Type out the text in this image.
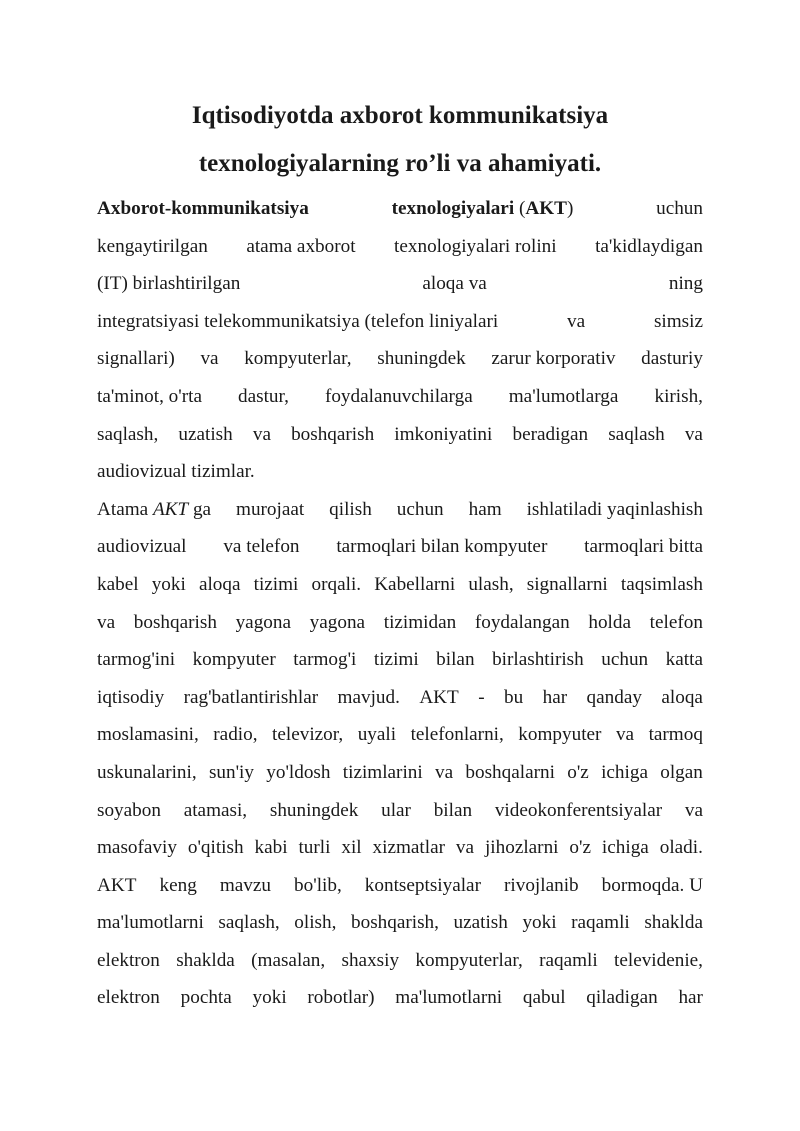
Iqtisodiyotda axborot kommunikatsiya
texnologiyalarning ro’li va ahamiyati.
Axborot-kommunikatsiya	texnologiyalari (AKT)	uchun
kengaytirilgan atama axborot texnologiyalari rolini ta'kidlaydigan
(IT) birlashtirilgan	aloqa va	ning
integratsiyasi telekommunikatsiya (telefon liniyalari	va	simsiz
signallari) va kompyuterlar, shuningdek zarur korporativ dasturiy
ta'minot, o'rta dastur, foydalanuvchilarga ma'lumotlarga kirish,
saqlash, uzatish va boshqarish imkoniyatini beradigan saqlash va
audiovizual tizimlar.
Atama AKT ga murojaat qilish uchun ham ishlatiladi yaqinlashish
audiovizual va telefon tarmoqlari bilan kompyuter tarmoqlari bitta
kabel yoki aloqa tizimi orqali. Kabellarni ulash, signallarni taqsimlash
va boshqarish yagona yagona tizimidan foydalangan holda telefon
tarmog'ini kompyuter tarmog'i tizimi bilan birlashtirish uchun katta
iqtisodiy rag'batlantirishlar mavjud. AKT - bu har qanday aloqa
moslamasini, radio, televizor, uyali telefonlarni, kompyuter va tarmoq
uskunalarini, sun'iy yo'ldosh tizimlarini va boshqalarni o'z ichiga olgan
soyabon atamasi, shuningdek ular bilan videokonferentsiyalar va
masofaviy o'qitish kabi turli xil xizmatlar va jihozlarni o'z ichiga oladi.
AKT keng mavzu bo'lib, kontseptsiyalar rivojlanib bormoqda. U
ma'lumotlarni saqlash, olish, boshqarish, uzatish yoki raqamli shaklda
elektron shaklda (masalan, shaxsiy kompyuterlar, raqamli televidenie,
elektron pochta yoki robotlar) ma'lumotlarni qabul qiladigan har
